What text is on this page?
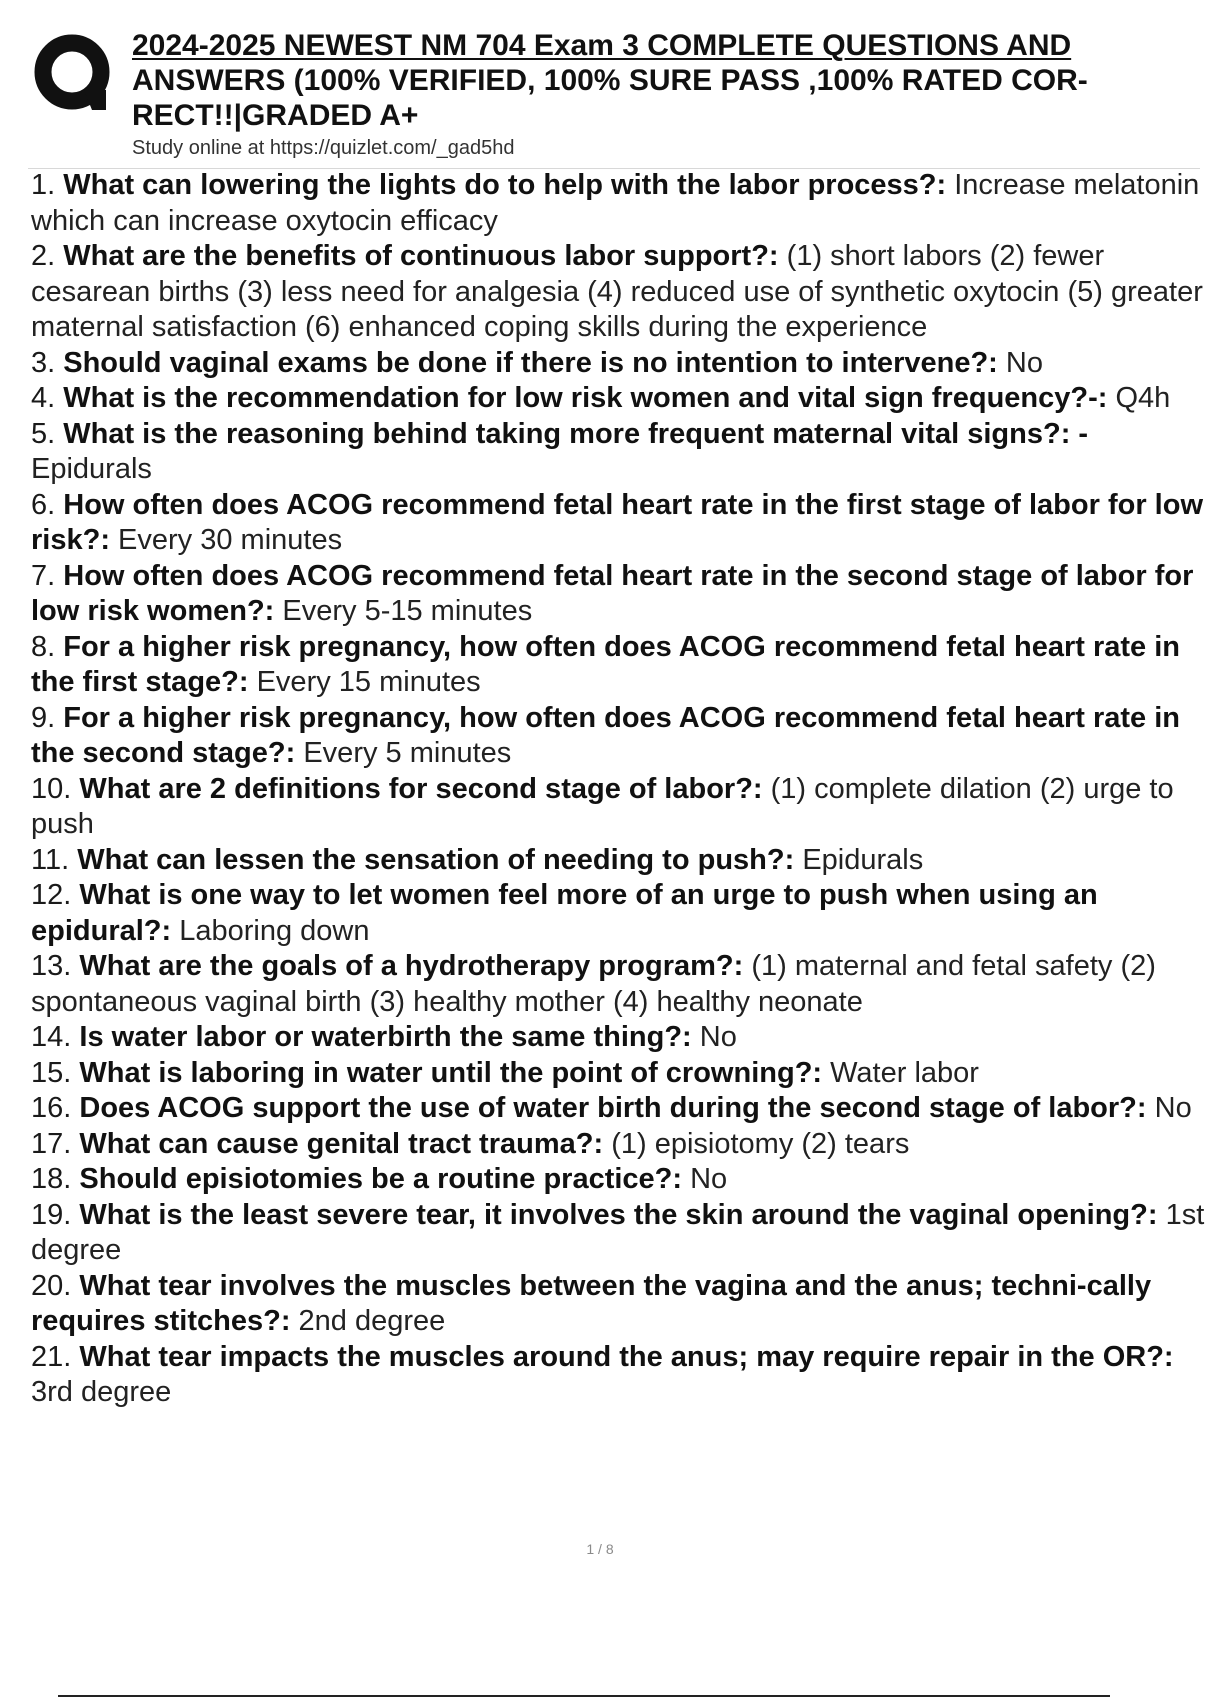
2024-2025 NEWEST NM 704 Exam 3 COMPLETE QUESTIONS AND
ANSWERS (100% VERIFIED, 100% SURE PASS ,100% RATED COR-
RECT!!|GRADED A+
Study online at https://quizlet.com/_gad5hd
1. What can lowering the lights do to help with the labor process?: Increase melatonin which can increase oxytocin efficacy
2. What are the benefits of continuous labor support?: (1) short labors (2) fewer cesarean births (3) less need for analgesia (4) reduced use of synthetic oxytocin (5) greater maternal satisfaction (6) enhanced coping skills during the experience
3. Should vaginal exams be done if there is no intention to intervene?: No
4. What is the recommendation for low risk women and vital sign frequency?-: Q4h
5. What is the reasoning behind taking more frequent maternal vital signs?: - Epidurals
6. How often does ACOG recommend fetal heart rate in the first stage of labor for low risk?: Every 30 minutes
7. How often does ACOG recommend fetal heart rate in the second stage of labor for low risk women?: Every 5-15 minutes
8. For a higher risk pregnancy, how often does ACOG recommend fetal heart rate in the first stage?: Every 15 minutes
9. For a higher risk pregnancy, how often does ACOG recommend fetal heart rate in the second stage?: Every 5 minutes
10. What are 2 definitions for second stage of labor?: (1) complete dilation (2) urge to push
11. What can lessen the sensation of needing to push?: Epidurals
12. What is one way to let women feel more of an urge to push when using an epidural?: Laboring down
13. What are the goals of a hydrotherapy program?: (1) maternal and fetal safety (2) spontaneous vaginal birth (3) healthy mother (4) healthy neonate
14. Is water labor or waterbirth the same thing?: No
15. What is laboring in water until the point of crowning?: Water labor
16. Does ACOG support the use of water birth during the second stage of labor?: No
17. What can cause genital tract trauma?: (1) episiotomy (2) tears
18. Should episiotomies be a routine practice?: No
19. What is the least severe tear, it involves the skin around the vaginal opening?: 1st degree
20. What tear involves the muscles between the vagina and the anus; techni-cally requires stitches?: 2nd degree
21. What tear impacts the muscles around the anus; may require repair in the OR?: 3rd degree
1 / 8
